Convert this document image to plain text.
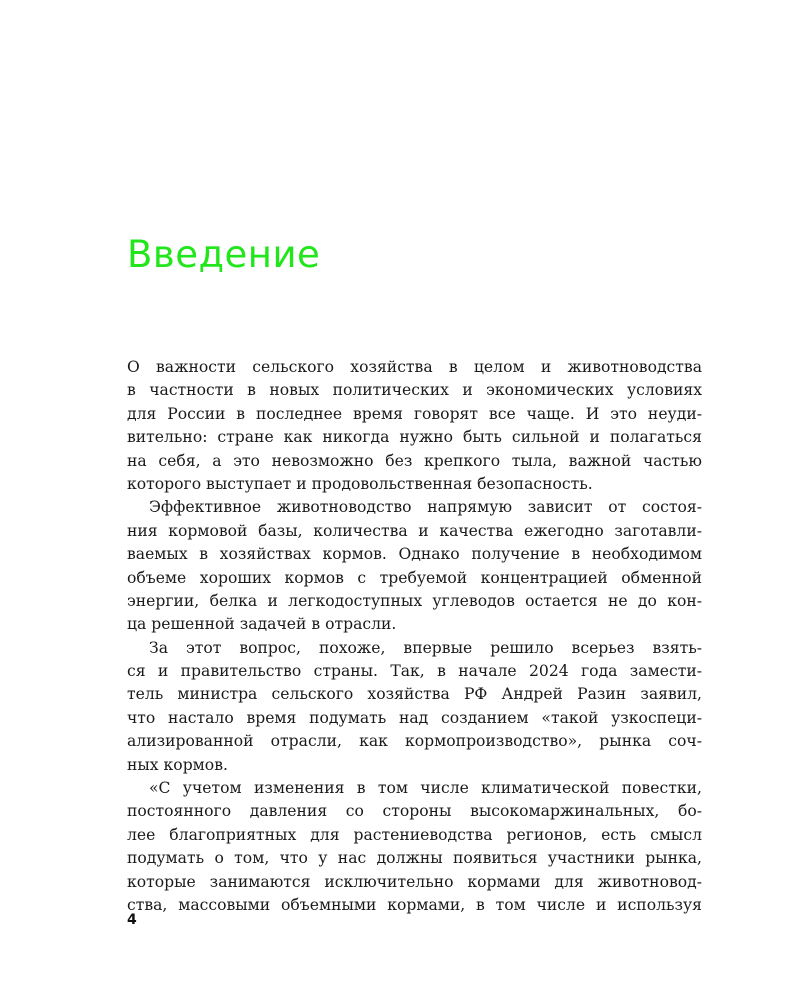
Введение
О важности сельского хозяйства в целом и животноводства
в частности в новых политических и экономических условиях
для России в последнее время говорят все чаще. И это неуди-
вительно: стране как никогда нужно быть сильной и полагаться
на себя, а это невозможно без крепкого тыла, важной частью
которого выступает и продовольственная безопасность.
Эффективное животноводство напрямую зависит от состоя-
ния кормовой базы, количества и качества ежегодно заготавли-
ваемых в хозяйствах кормов. Однако получение в необходимом
объеме хороших кормов с требуемой концентрацией обменной
энергии, белка и легкодоступных углеводов остается не до кон-
ца решенной задачей в отрасли.
За этот вопрос, похоже, впервые решило всерьез взять-
ся и правительство страны. Так, в начале 2024 года замести-
тель министра сельского хозяйства РФ Андрей Разин заявил,
что настало время подумать над созданием «такой узкоспеци-
ализированной отрасли, как кормопроизводство», рынка соч-
ных кормов.
«С учетом изменения в том числе климатической повестки,
постоянного давления со стороны высокомаржинальных, бо-
лее благоприятных для растениеводства регионов, есть смысл
подумать о том, что у нас должны появиться участники рынка,
которые занимаются исключительно кормами для животновод-
ства, массовыми объемными кормами, в том числе и используя
4
